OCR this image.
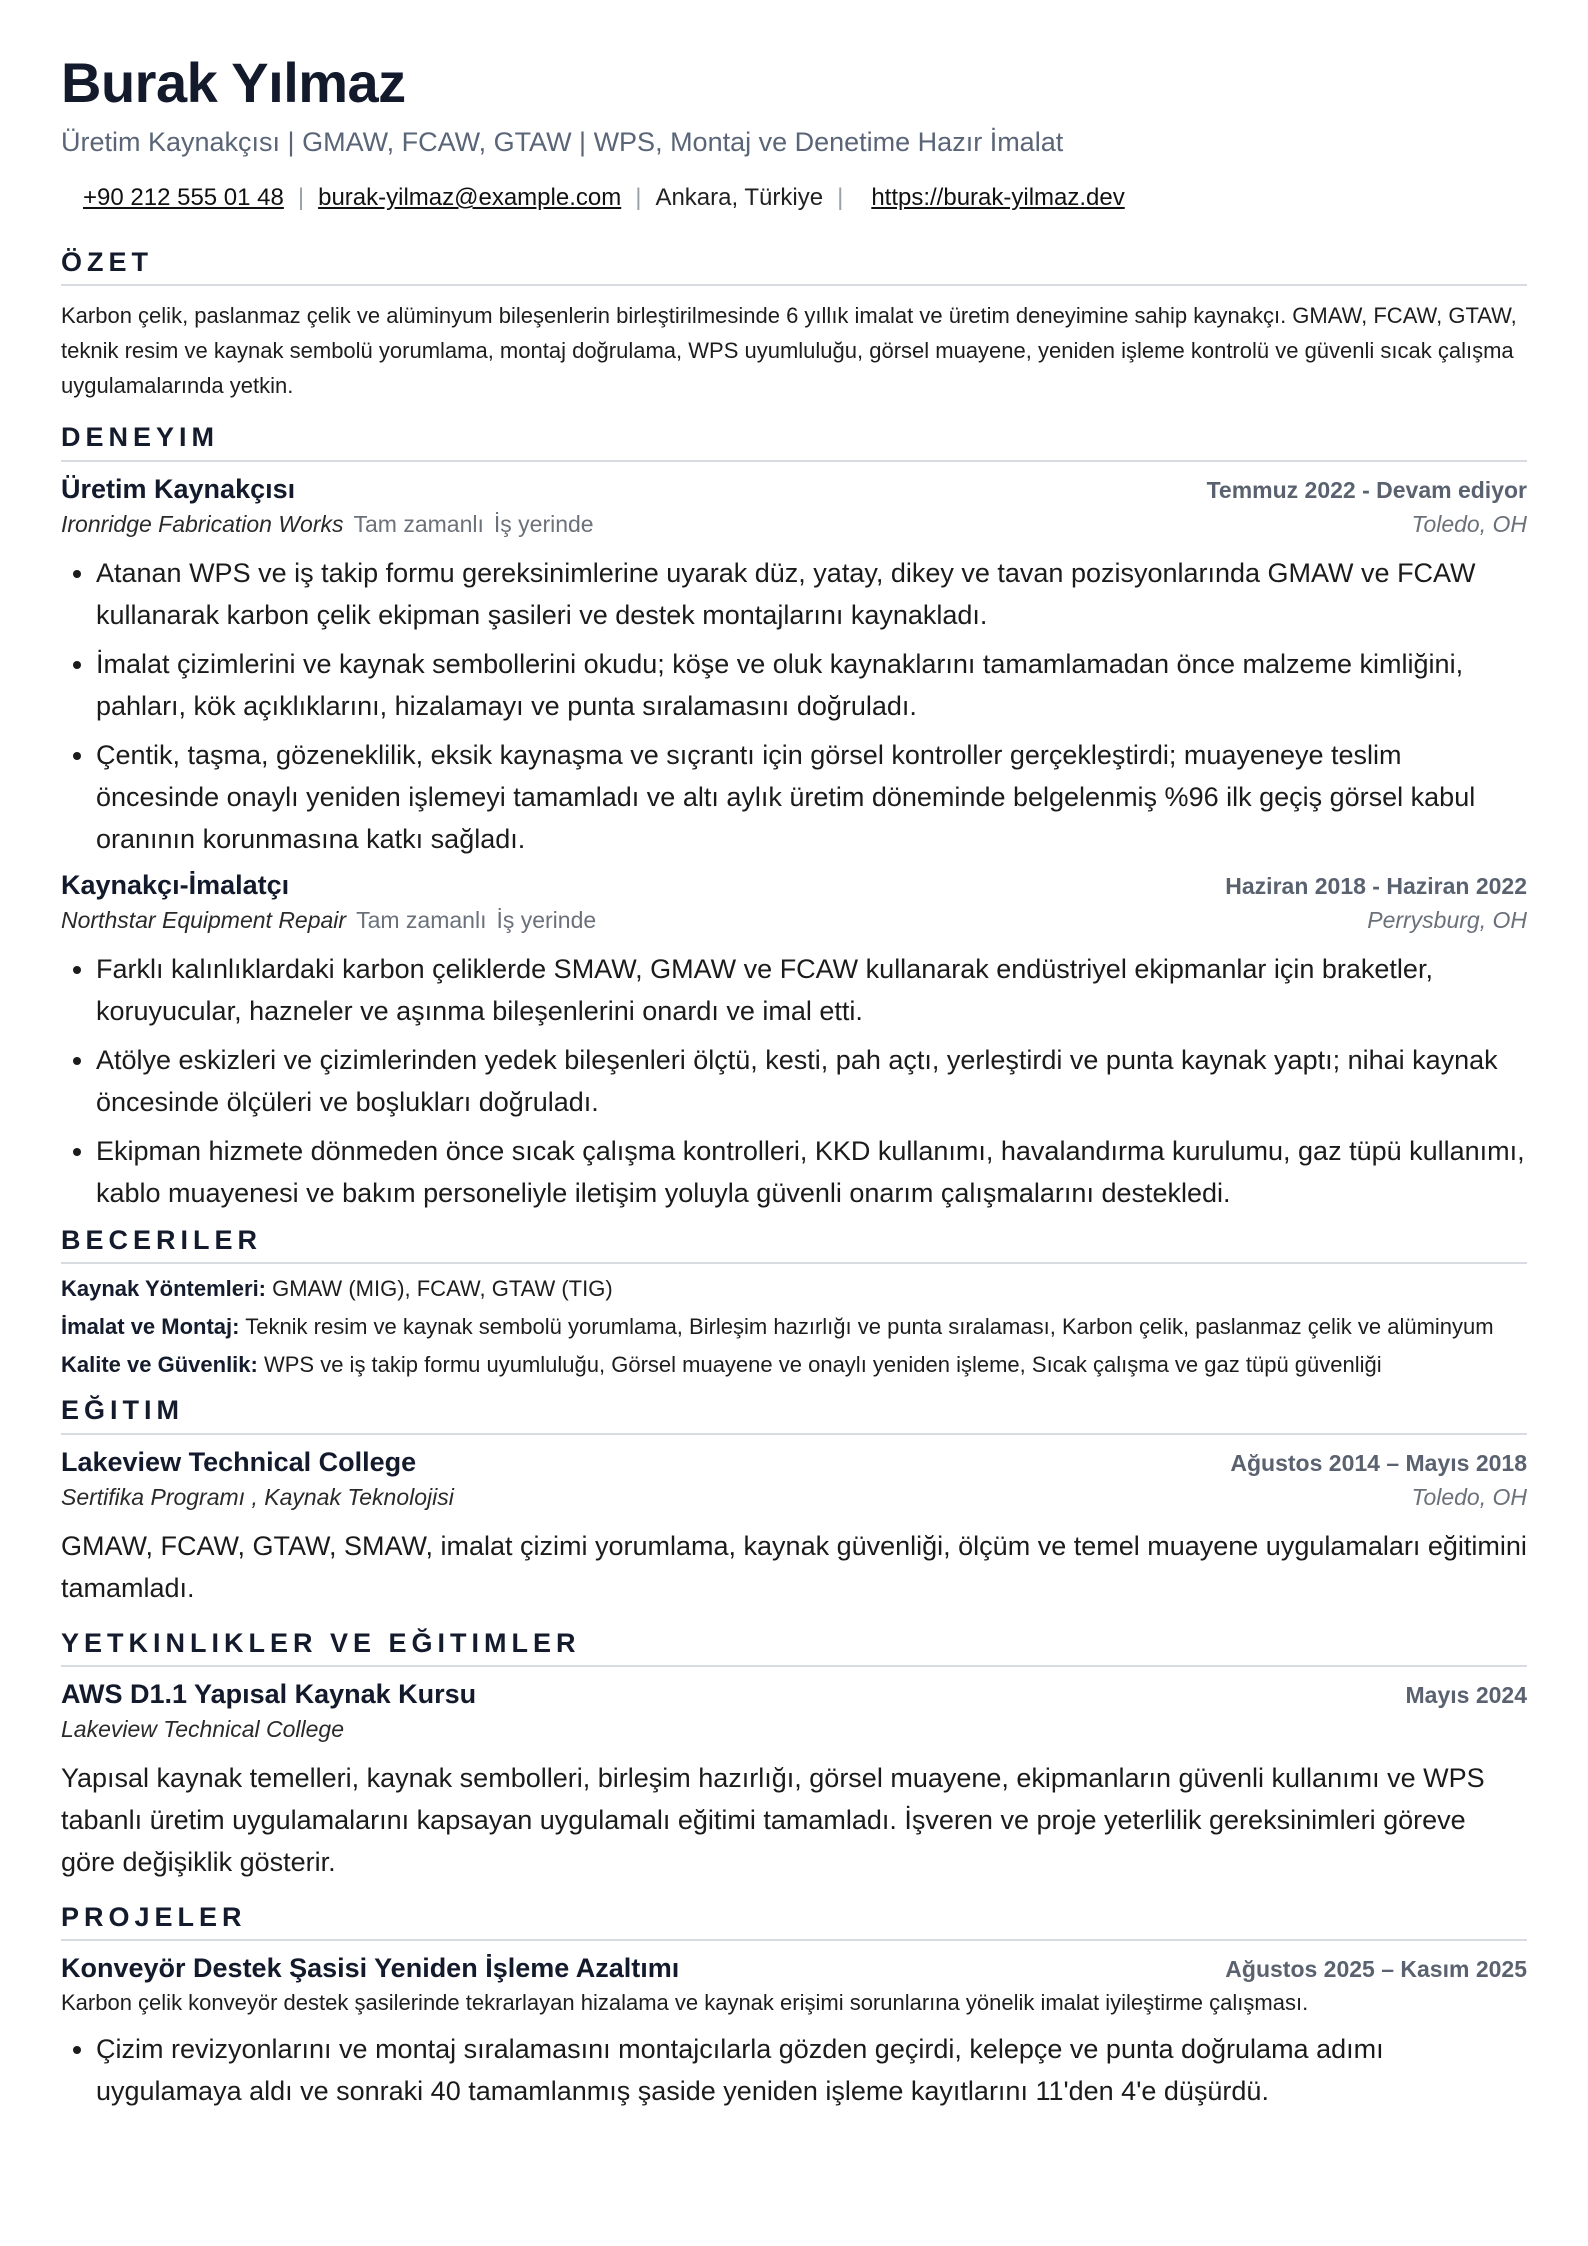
Burak Yılmaz
Üretim Kaynakçısı | GMAW, FCAW, GTAW | WPS, Montaj ve Denetime Hazır İmalat
+90 212 555 01 48 | burak-yilmaz@example.com | Ankara, Türkiye | https://burak-yilmaz.dev
ÖZET
Karbon çelik, paslanmaz çelik ve alüminyum bileşenlerin birleştirilmesinde 6 yıllık imalat ve üretim deneyimine sahip kaynakçı. GMAW, FCAW, GTAW, teknik resim ve kaynak sembolü yorumlama, montaj doğrulama, WPS uyumluluğu, görsel muayene, yeniden işleme kontrolü ve güvenli sıcak çalışma uygulamalarında yetkin.
DENEYIM
Üretim Kaynakçısı	Temmuz 2022 - Devam ediyor
Ironridge Fabrication Works Tam zamanlı İş yerinde	Toledo, OH
• Atanan WPS ve iş takip formu gereksinimlerine uyarak düz, yatay, dikey ve tavan pozisyonlarında GMAW ve FCAW kullanarak karbon çelik ekipman şasileri ve destek montajlarını kaynakladı.
• İmalat çizimlerini ve kaynak sembollerini okudu; köşe ve oluk kaynaklarını tamamlamadan önce malzeme kimliğini, pahları, kök açıklıklarını, hizalamayı ve punta sıralamasını doğruladı.
• Çentik, taşma, gözeneklilik, eksik kaynaşma ve sıçrantı için görsel kontroller gerçekleştirdi; muayeneye teslim öncesinde onaylı yeniden işlemeyi tamamladı ve altı aylık üretim döneminde belgelenmiş %96 ilk geçiş görsel kabul oranının korunmasına katkı sağladı.
Kaynakçı-İmalatçı	Haziran 2018 - Haziran 2022
Northstar Equipment Repair Tam zamanlı İş yerinde	Perrysburg, OH
• Farklı kalınlıklardaki karbon çeliklerde SMAW, GMAW ve FCAW kullanarak endüstriyel ekipmanlar için braketler, koruyucular, hazneler ve aşınma bileşenlerini onardı ve imal etti.
• Atölye eskizleri ve çizimlerinden yedek bileşenleri ölçtü, kesti, pah açtı, yerleştirdi ve punta kaynak yaptı; nihai kaynak öncesinde ölçüleri ve boşlukları doğruladı.
• Ekipman hizmete dönmeden önce sıcak çalışma kontrolleri, KKD kullanımı, havalandırma kurulumu, gaz tüpü kullanımı, kablo muayenesi ve bakım personeliyle iletişim yoluyla güvenli onarım çalışmalarını destekledi.
BECERILER
Kaynak Yöntemleri: GMAW (MIG), FCAW, GTAW (TIG)
İmalat ve Montaj: Teknik resim ve kaynak sembolü yorumlama, Birleşim hazırlığı ve punta sıralaması, Karbon çelik, paslanmaz çelik ve alüminyum
Kalite ve Güvenlik: WPS ve iş takip formu uyumluluğu, Görsel muayene ve onaylı yeniden işleme, Sıcak çalışma ve gaz tüpü güvenliği
EĞITIM
Lakeview Technical College	Ağustos 2014 – Mayıs 2018
Sertifika Programı , Kaynak Teknolojisi	Toledo, OH
GMAW, FCAW, GTAW, SMAW, imalat çizimi yorumlama, kaynak güvenliği, ölçüm ve temel muayene uygulamaları eğitimini tamamladı.
YETKINLIKLER VE EĞITIMLER
AWS D1.1 Yapısal Kaynak Kursu	Mayıs 2024
Lakeview Technical College
Yapısal kaynak temelleri, kaynak sembolleri, birleşim hazırlığı, görsel muayene, ekipmanların güvenli kullanımı ve WPS tabanlı üretim uygulamalarını kapsayan uygulamalı eğitimi tamamladı. İşveren ve proje yeterlilik gereksinimleri göreve göre değişiklik gösterir.
PROJELER
Konveyör Destek Şasisi Yeniden İşleme Azaltımı	Ağustos 2025 – Kasım 2025
Karbon çelik konveyör destek şasilerinde tekrarlayan hizalama ve kaynak erişimi sorunlarına yönelik imalat iyileştirme çalışması.
• Çizim revizyonlarını ve montaj sıralamasını montajcılarla gözden geçirdi, kelepçe ve punta doğrulama adımı uygulamaya aldı ve sonraki 40 tamamlanmış şaside yeniden işleme kayıtlarını 11'den 4'e düşürdü.
